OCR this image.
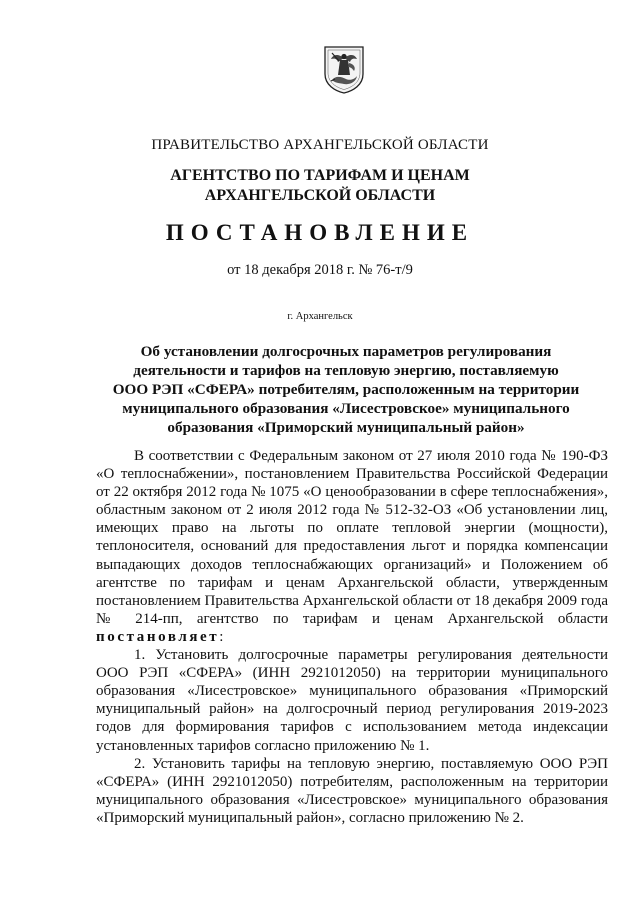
ПРАВИТЕЛЬСТВО АРХАНГЕЛЬСКОЙ ОБЛАСТИ
АГЕНТСТВО ПО ТАРИФАМ И ЦЕНАМ
АРХАНГЕЛЬСКОЙ ОБЛАСТИ
ПОСТАНОВЛЕНИЕ
от 18 декабря 2018 г. № 76-т/9
г. Архангельск
Об установлении долгосрочных параметров регулирования
деятельности и тарифов на тепловую энергию, поставляемую
ООО РЭП «СФЕРА» потребителям, расположенным на территории
муниципального образования «Лисестровское» муниципального
образования «Приморский муниципальный район»

В соответствии с Федеральным законом от 27 июля 2010 года № 190-ФЗ «О теплоснабжении», постановлением Правительства Российской Федерации от 22 октября 2012 года № 1075 «О ценообразовании в сфере теплоснабжения», областным законом от 2 июля 2012 года № 512-32-ОЗ «Об установлении лиц, имеющих право на льготы по оплате тепловой энергии (мощности), теплоносителя, оснований для предоставления льгот и порядка компенсации выпадающих доходов теплоснабжающих организаций» и Положением об агентстве по тарифам и ценам Архангельской области, утвержденным постановлением Правительства Архангельской области от 18 декабря 2009 года № 214-пп, агентство по тарифам и ценам Архангельской области постановляет:

1. Установить долгосрочные параметры регулирования деятельности ООО РЭП «СФЕРА» (ИНН 2921012050) на территории муниципального образования «Лисестровское» муниципального образования «Приморский муниципальный район» на долгосрочный период регулирования 2019-2023 годов для формирования тарифов с использованием метода индексации установленных тарифов согласно приложению № 1.

2. Установить тарифы на тепловую энергию, поставляемую ООО РЭП «СФЕРА» (ИНН 2921012050) потребителям, расположенным на территории муниципального образования «Лисестровское» муниципального образования «Приморский муниципальный район», согласно приложению № 2.
